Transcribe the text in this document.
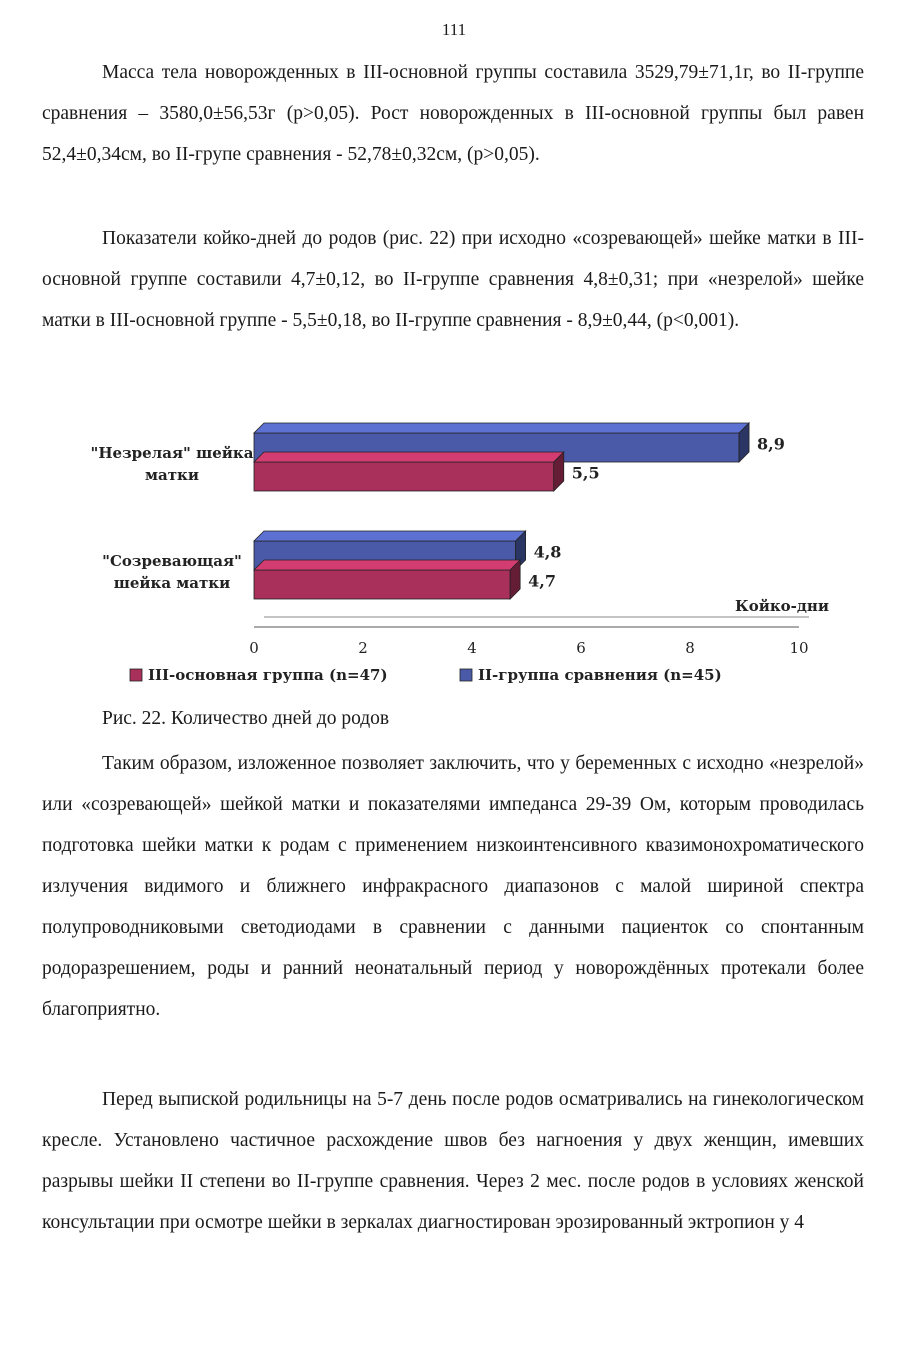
111

Масса тела новорожденных в III-основной группы составила 3529,79±71,1г, во II-группе сравнения – 3580,0±56,53г (p>0,05). Рост новорожденных в III-основной группы был равен 52,4±0,34см, во II-групе сравнения - 52,78±0,32см, (p>0,05).

Показатели койко-дней до родов (рис. 22) при исходно «созревающей» шейке матки в III-основной группе составили 4,7±0,12, во II-группе сравнения 4,8±0,31; при «незрелой» шейке матки в III-основной группе - 5,5±0,18, во II-группе сравнения - 8,9±0,44, (p<0,001).

8,9
5,5
"Незрелая" шейка
матки
4,8
4,7
"Созревающая"
шейка матки
0	2	4	6	8	10
Койко-дни
III-основная группа (n=47)	II-группа сравнения (n=45)
Рис. 22. Количество дней до родов

Таким образом, изложенное позволяет заключить, что у беременных с исходно «незрелой» или «созревающей» шейкой матки и показателями импеданса 29-39 Ом, которым проводилась подготовка шейки матки к родам с применением низкоинтенсивного квазимонохроматического излучения видимого и ближнего инфракрасного диапазонов с малой шириной спектра полупроводниковыми светодиодами в сравнении с данными пациенток со спонтанным родоразрешением, роды и ранний неонатальный период у новорождённых протекали более благоприятно.

Перед выпиской родильницы на 5-7 день после родов осматривались на гинекологическом кресле. Установлено частичное расхождение швов без нагноения у двух женщин, имевших разрывы шейки II степени во II-группе сравнения. Через 2 мес. после родов в условиях женской консультации при осмотре шейки в зеркалах диагностирован эрозированный эктропион у 4
